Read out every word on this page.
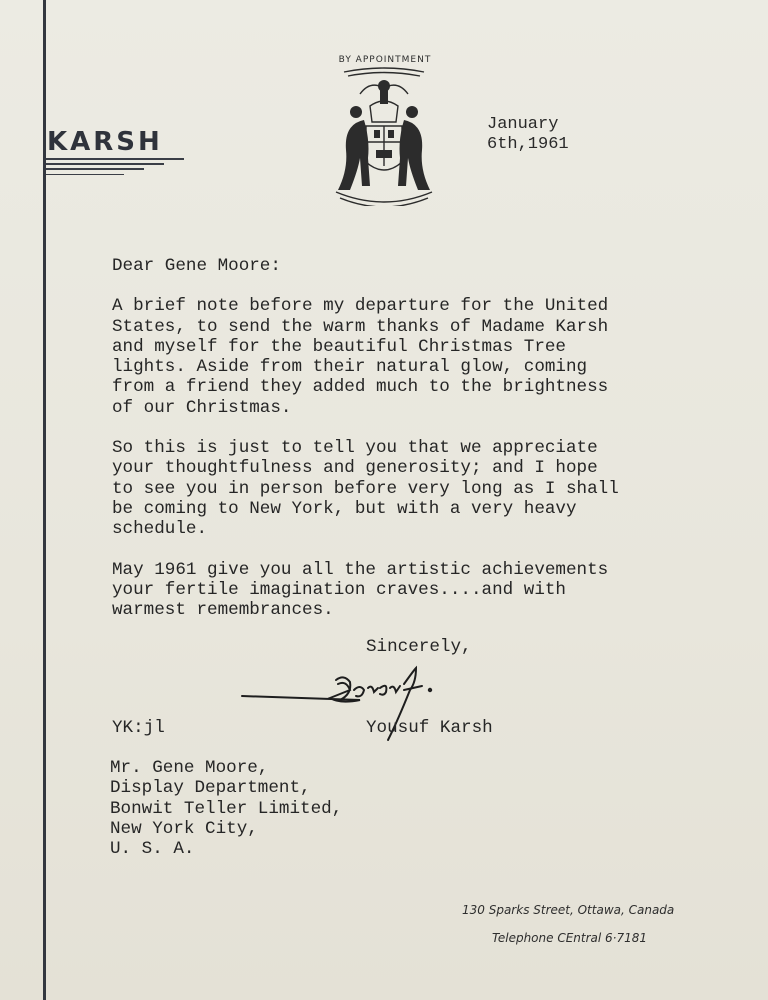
KARSH
BY APPOINTMENT
January
6th,1961

Dear Gene Moore:

A brief note before my departure for the United
States, to send the warm thanks of Madame Karsh
and myself for the beautiful Christmas Tree
lights. Aside from their natural glow, coming
from a friend they added much to the brightness
of our Christmas.

So this is just to tell you that we appreciate
your thoughtfulness and generosity; and I hope
to see you in person before very long as I shall
be coming to New York, but with a very heavy
schedule.

May 1961 give you all the artistic achievements
your fertile imagination craves....and with
warmest remembrances.

Sincerely,
YK:jl	Yousuf Karsh
Mr. Gene Moore,
Display Department,
Bonwit Teller Limited,
New York City,
U. S. A.
130 Sparks Street, Ottawa, Canada
Telephone CEntral 6·7181
